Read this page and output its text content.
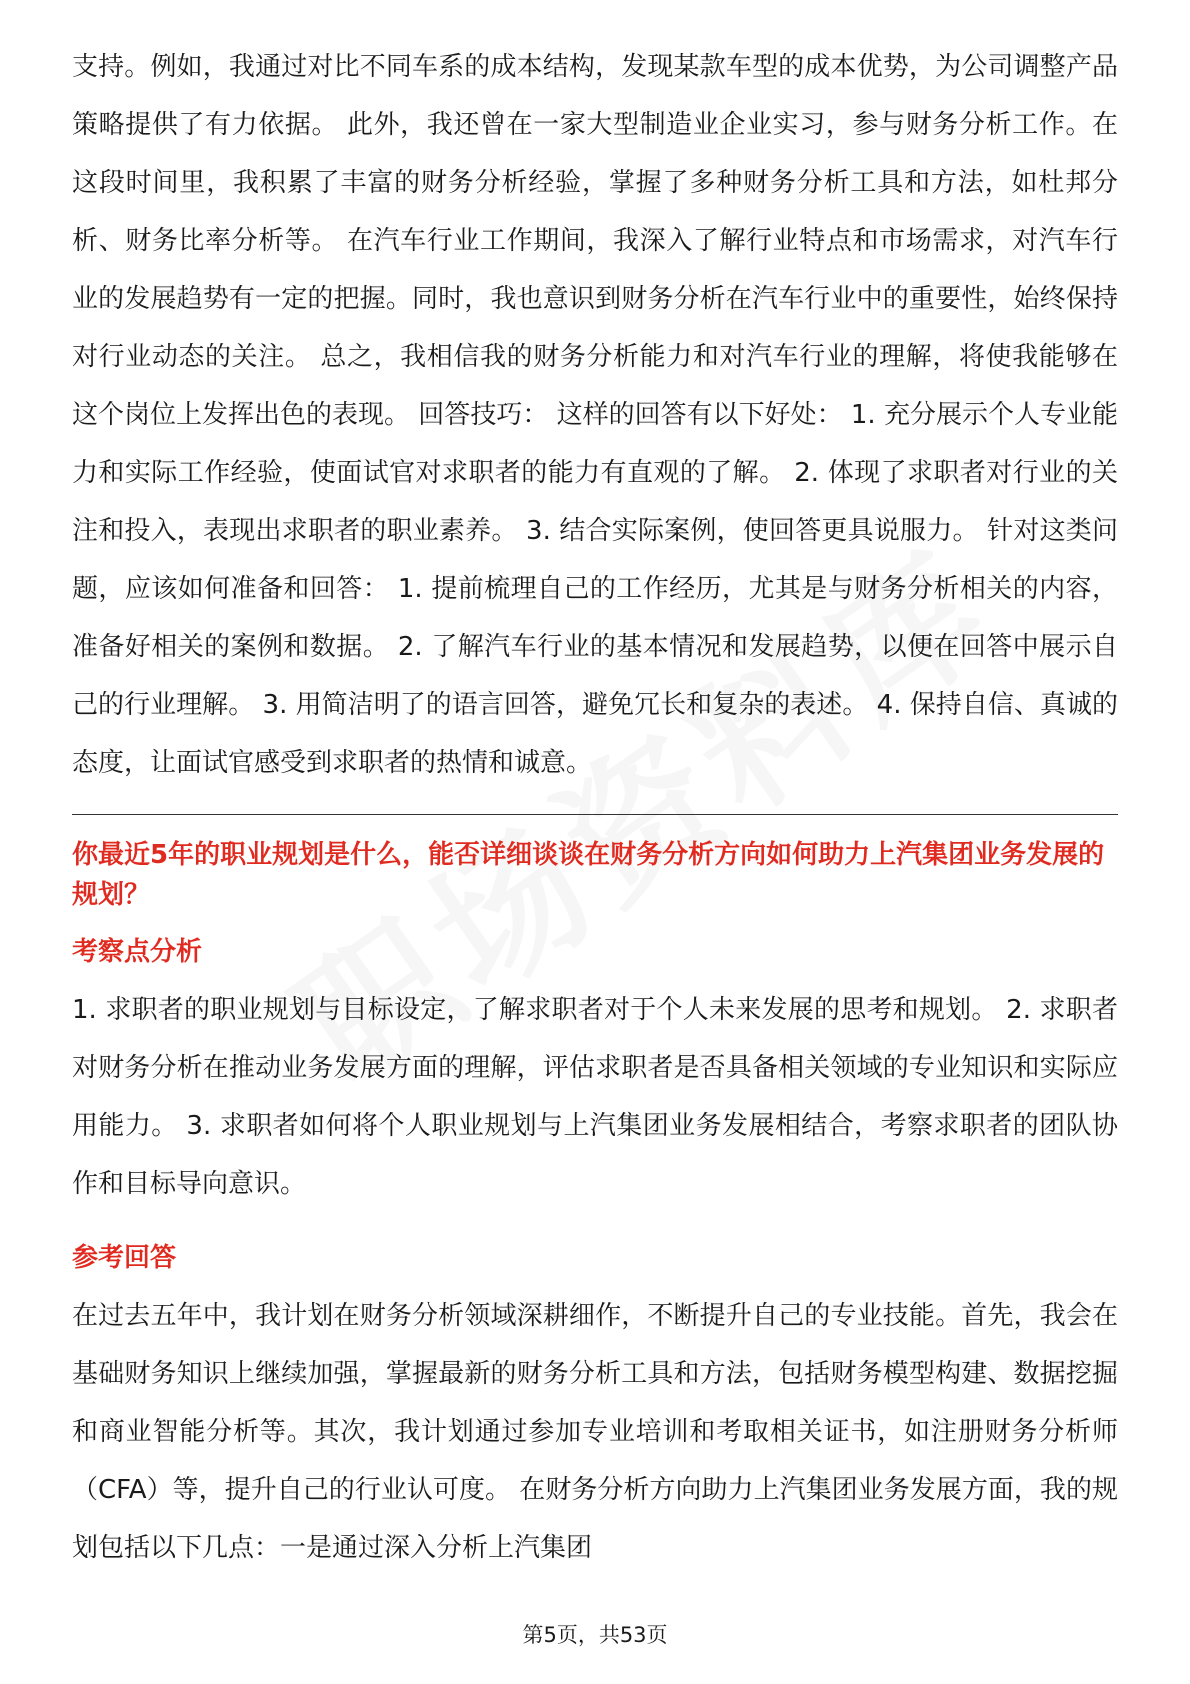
支持。例如，我通过对比不同车系的成本结构，发现某款车型的成本优势，为公司调整产品策略提供了有力依据。 此外，我还曾在一家大型制造业企业实习，参与财务分析工作。在这段时间里，我积累了丰富的财务分析经验，掌握了多种财务分析工具和方法，如杜邦分析、财务比率分析等。 在汽车行业工作期间，我深入了解行业特点和市场需求，对汽车行业的发展趋势有一定的把握。同时，我也意识到财务分析在汽车行业中的重要性，始终保持对行业动态的关注。 总之，我相信我的财务分析能力和对汽车行业的理解，将使我能够在这个岗位上发挥出色的表现。 回答技巧： 这样的回答有以下好处： 1. 充分展示个人专业能力和实际工作经验，使面试官对求职者的能力有直观的了解。 2. 体现了求职者对行业的关注和投入，表现出求职者的职业素养。 3. 结合实际案例，使回答更具说服力。 针对这类问题，应该如何准备和回答： 1. 提前梳理自己的工作经历，尤其是与财务分析相关的内容，准备好相关的案例和数据。 2. 了解汽车行业的基本情况和发展趋势，以便在回答中展示自己的行业理解。 3. 用简洁明了的语言回答，避免冗长和复杂的表述。 4. 保持自信、真诚的态度，让面试官感受到求职者的热情和诚意。

你最近5年的职业规划是什么，能否详细谈谈在财务分析方向如何助力上汽集团业务发展的规划？

考察点分析

1. 求职者的职业规划与目标设定，了解求职者对于个人未来发展的思考和规划。 2. 求职者对财务分析在推动业务发展方面的理解，评估求职者是否具备相关领域的专业知识和实际应用能力。 3. 求职者如何将个人职业规划与上汽集团业务发展相结合，考察求职者的团队协作和目标导向意识。

参考回答

在过去五年中，我计划在财务分析领域深耕细作，不断提升自己的专业技能。首先，我会在基础财务知识上继续加强，掌握最新的财务分析工具和方法，包括财务模型构建、数据挖掘和商业智能分析等。其次，我计划通过参加专业培训和考取相关证书，如注册财务分析师（CFA）等，提升自己的行业认可度。 在财务分析方向助力上汽集团业务发展方面，我的规划包括以下几点：一是通过深入分析上汽集团

第5页，共53页
